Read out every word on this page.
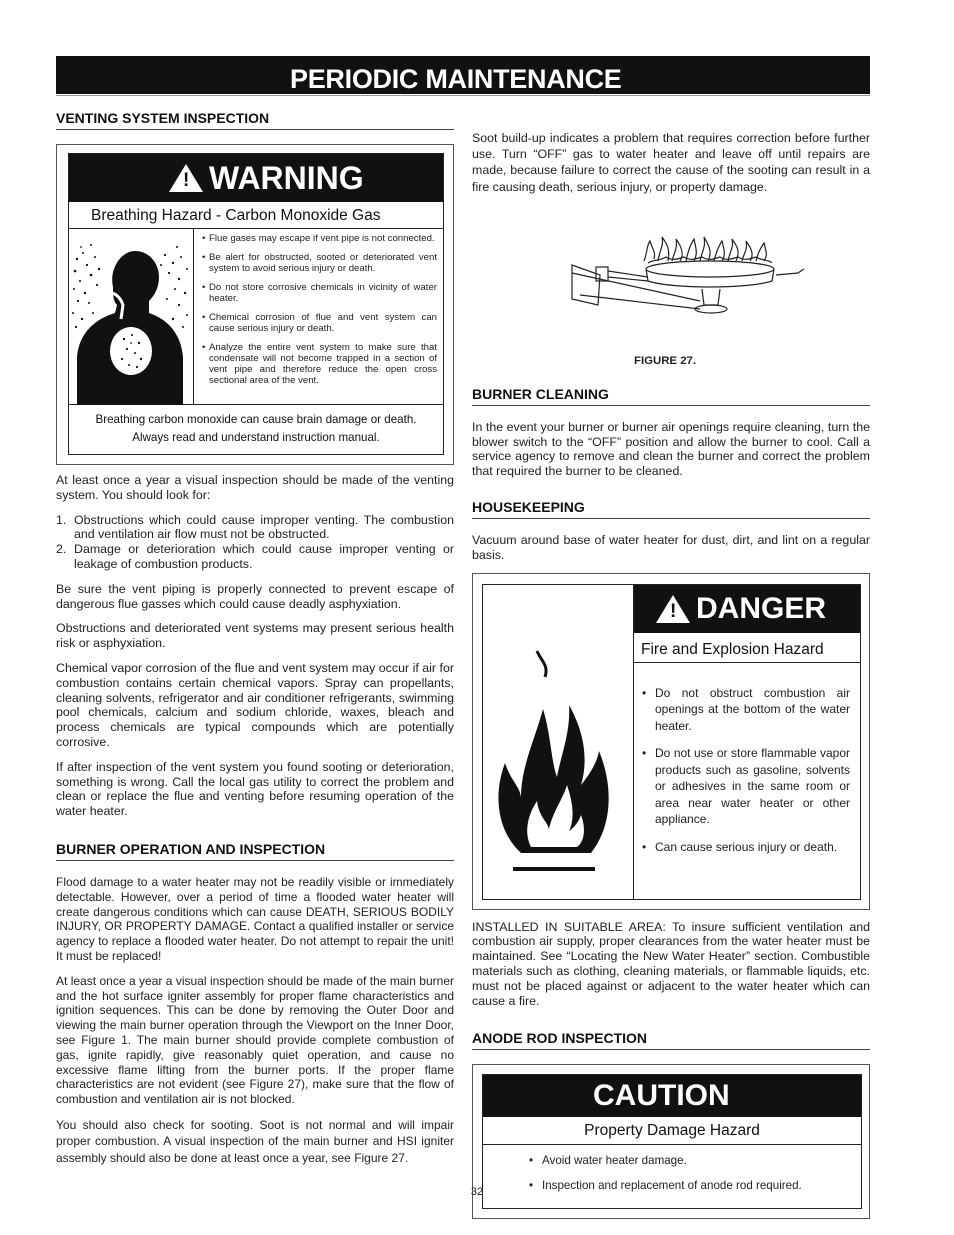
PERIODIC MAINTENANCE
VENTING SYSTEM INSPECTION
! WARNING
Breathing Hazard - Carbon Monoxide Gas
• Flue gases may escape if vent pipe is not connected.
• Be alert for obstructed, sooted or deteriorated vent system to avoid serious injury or death.
• Do not store corrosive chemicals in vicinity of water heater.
• Chemical corrosion of flue and vent system can cause serious injury or death.
• Analyze the entire vent system to make sure that condensate will not become trapped in a section of vent pipe and therefore reduce the open cross sectional area of the vent.
Breathing carbon monoxide can cause brain damage or death.
Always read and understand instruction manual.

At least once a year a visual inspection should be made of the venting system. You should look for:

1. Obstructions which could cause improper venting. The combustion and ventilation air flow must not be obstructed.
2. Damage or deterioration which could cause improper venting or leakage of combustion products.

Be sure the vent piping is properly connected to prevent escape of dangerous flue gasses which could cause deadly asphyxiation.

Obstructions and deteriorated vent systems may present serious health risk or asphyxiation.

Chemical vapor corrosion of the flue and vent system may occur if air for combustion contains certain chemical vapors. Spray can propellants, cleaning solvents, refrigerator and air conditioner refrigerants, swimming pool chemicals, calcium and sodium chloride, waxes, bleach and process chemicals are typical compounds which are potentially corrosive.

If after inspection of the vent system you found sooting or deterioration, something is wrong. Call the local gas utility to correct the problem and clean or replace the flue and venting before resuming operation of the water heater.

BURNER OPERATION AND INSPECTION

Flood damage to a water heater may not be readily visible or immediately detectable. However, over a period of time a flooded water heater will create dangerous conditions which can cause DEATH, SERIOUS BODILY INJURY, OR PROPERTY DAMAGE. Contact a qualified installer or service agency to replace a flooded water heater. Do not attempt to repair the unit! It must be replaced!

At least once a year a visual inspection should be made of the main burner and the hot surface igniter assembly for proper flame characteristics and ignition sequences. This can be done by removing the Outer Door and viewing the main burner operation through the Viewport on the Inner Door, see Figure 1. The main burner should provide complete combustion of gas, ignite rapidly, give reasonably quiet operation, and cause no excessive flame lifting from the burner ports. If the proper flame characteristics are not evident (see Figure 27), make sure that the flow of combustion and ventilation air is not blocked.

You should also check for sooting. Soot is not normal and will impair proper combustion. A visual inspection of the main burner and HSI igniter assembly should also be done at least once a year, see Figure 27.

Soot build-up indicates a problem that requires correction before further use. Turn “OFF” gas to water heater and leave off until repairs are made, because failure to correct the cause of the sooting can result in a fire causing death, serious injury, or property damage.

FIGURE 27.
BURNER CLEANING

In the event your burner or burner air openings require cleaning, turn the blower switch to the “OFF” position and allow the burner to cool. Call a service agency to remove and clean the burner and correct the problem that required the burner to be cleaned.

HOUSEKEEPING

Vacuum around base of water heater for dust, dirt, and lint on a regular basis.

! DANGER
Fire and Explosion Hazard
• Do not obstruct combustion air openings at the bottom of the water heater.
• Do not use or store flammable vapor products such as gasoline, solvents or adhesives in the same room or area near water heater or other appliance.
• Can cause serious injury or death.

INSTALLED IN SUITABLE AREA: To insure sufficient ventilation and combustion air supply, proper clearances from the water heater must be maintained. See “Locating the New Water Heater” section. Combustible materials such as clothing, cleaning materials, or flammable liquids, etc. must not be placed against or adjacent to the water heater which can cause a fire.

ANODE ROD INSPECTION
CAUTION
Property Damage Hazard
• Avoid water heater damage.
• Inspection and replacement of anode rod required.
32
